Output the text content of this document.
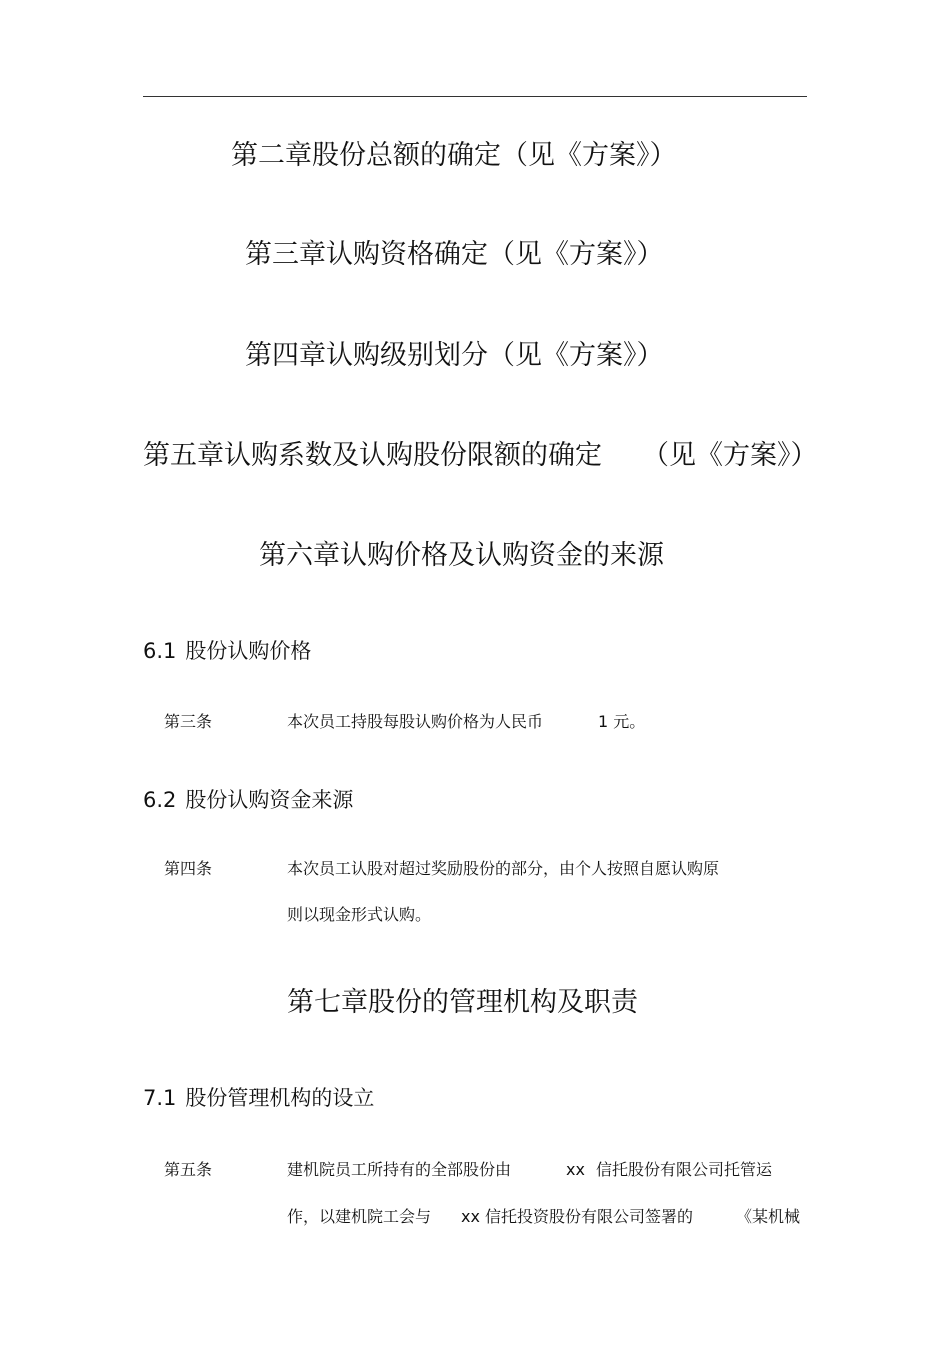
第二章股份总额的确定（见《方案》）
第三章认购资格确定（见《方案》）
第四章认购级别划分（见《方案》）
第五章认购系数及认购股份限额的确定 （见《方案》）
第六章认购价格及认购资金的来源
6.1 股份认购价格
第三条	本次员工持股每股认购价格为人民币	1 元。
6.2 股份认购资金来源
第四条	本次员工认股对超过奖励股份的部分，由个人按照自愿认购原
则以现金形式认购。
第七章股份的管理机构及职责
7.1 股份管理机构的设立
第五条	建机院员工所持有的全部股份由	xx 信托股份有限公司托管运
作，以建机院工会与 xx 信托投资股份有限公司签署的	《某机械
